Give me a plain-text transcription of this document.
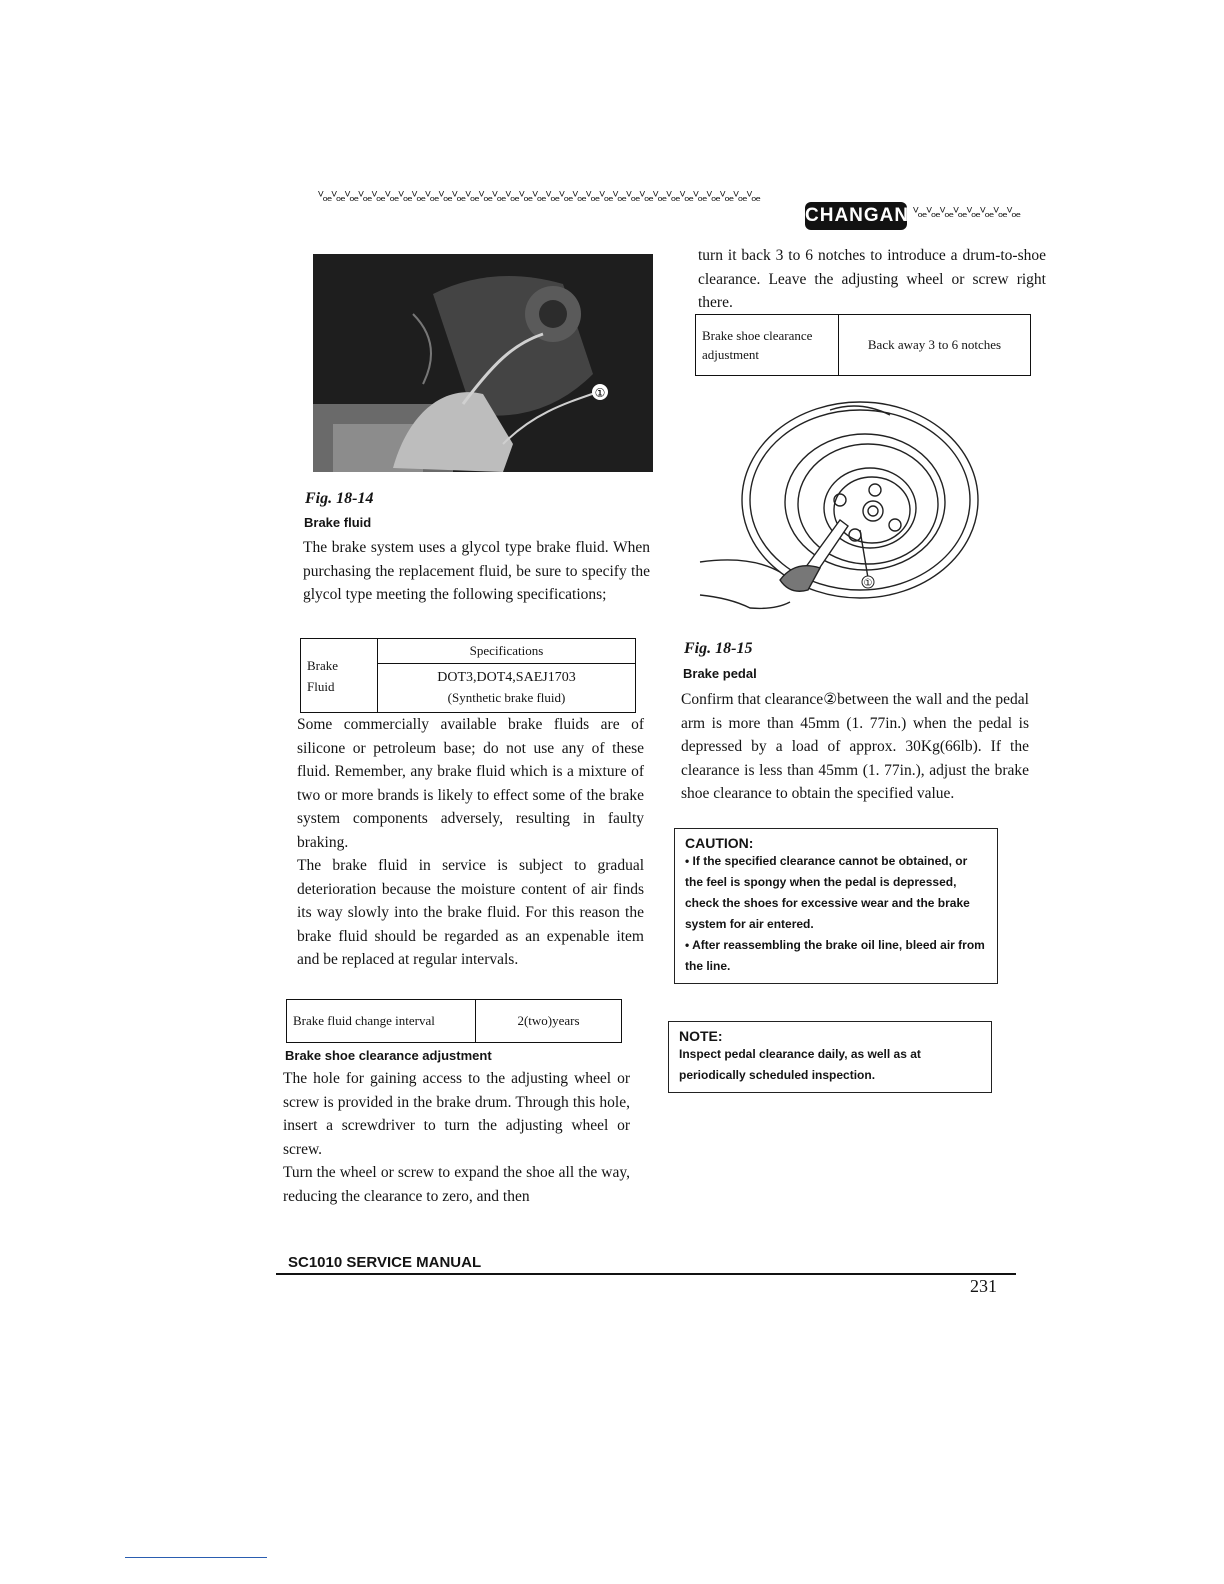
ⱽₒₑⱽₒₑⱽₒₑⱽₒₑⱽₒₑⱽₒₑⱽₒₑⱽₒₑⱽₒₑⱽₒₑⱽₒₑⱽₒₑⱽₒₑⱽₒₑⱽₒₑⱽₒₑⱽₒₑⱽₒₑⱽₒₑⱽₒₑⱽₒₑⱽₒₑⱽₒₑⱽₒₑⱽₒₑⱽₒₑⱽₒₑⱽₒₑⱽₒₑⱽₒₑⱽₒₑⱽₒₑⱽₒₑ
CHANGAN ⱽₒₑⱽₒₑⱽₒₑⱽₒₑⱽₒₑⱽₒₑⱽₒₑⱽₒₑ
①
Fig. 18-14
Brake fluid

The brake system uses a glycol type brake fluid. When purchasing the replacement fluid, be sure to specify the glycol type meeting the following specifications;

Brake
Fluid	Specifications

DOT3,DOT4,SAEJ1703
(Synthetic brake fluid)

Some commercially available brake fluids are of silicone or petroleum base; do not use any of these fluid. Remember, any brake fluid which is a mixture of two or more brands is likely to effect some of the brake system components adversely, resulting in faulty braking.

The brake fluid in service is subject to gradual deterioration because the moisture content of air finds its way slowly into the brake fluid. For this reason the brake fluid should be regarded as an expenable item and be replaced at regular intervals.

Brake fluid change interval	2(two)years
Brake shoe clearance adjustment

The hole for gaining access to the adjusting wheel or screw is provided in the brake drum. Through this hole, insert a screwdriver to turn the adjusting wheel or screw.

Turn the wheel or screw to expand the shoe all the way, reducing the clearance to zero, and then

turn it back 3 to 6 notches to introduce a drum-to-shoe clearance. Leave the adjusting wheel or screw right there.

Brake shoe clearance adjustment	Back away 3 to 6 notches
①
Fig. 18-15
Brake pedal

Confirm that clearance②between the wall and the pedal arm is more than 45mm (1. 77in.) when the pedal is depressed by a load of approx. 30Kg(66lb). If the clearance is less than 45mm (1. 77in.), adjust the brake shoe clearance to obtain the specified value.

CAUTION:
• If the specified clearance cannot be obtained, or the feel is spongy when the pedal is depressed, check the shoes for excessive wear and the brake system for air entered.
• After reassembling the brake oil line, bleed air from the line.
NOTE:
Inspect pedal clearance daily, as well as at periodically scheduled inspection.
SC1010 SERVICE MANUAL
231
